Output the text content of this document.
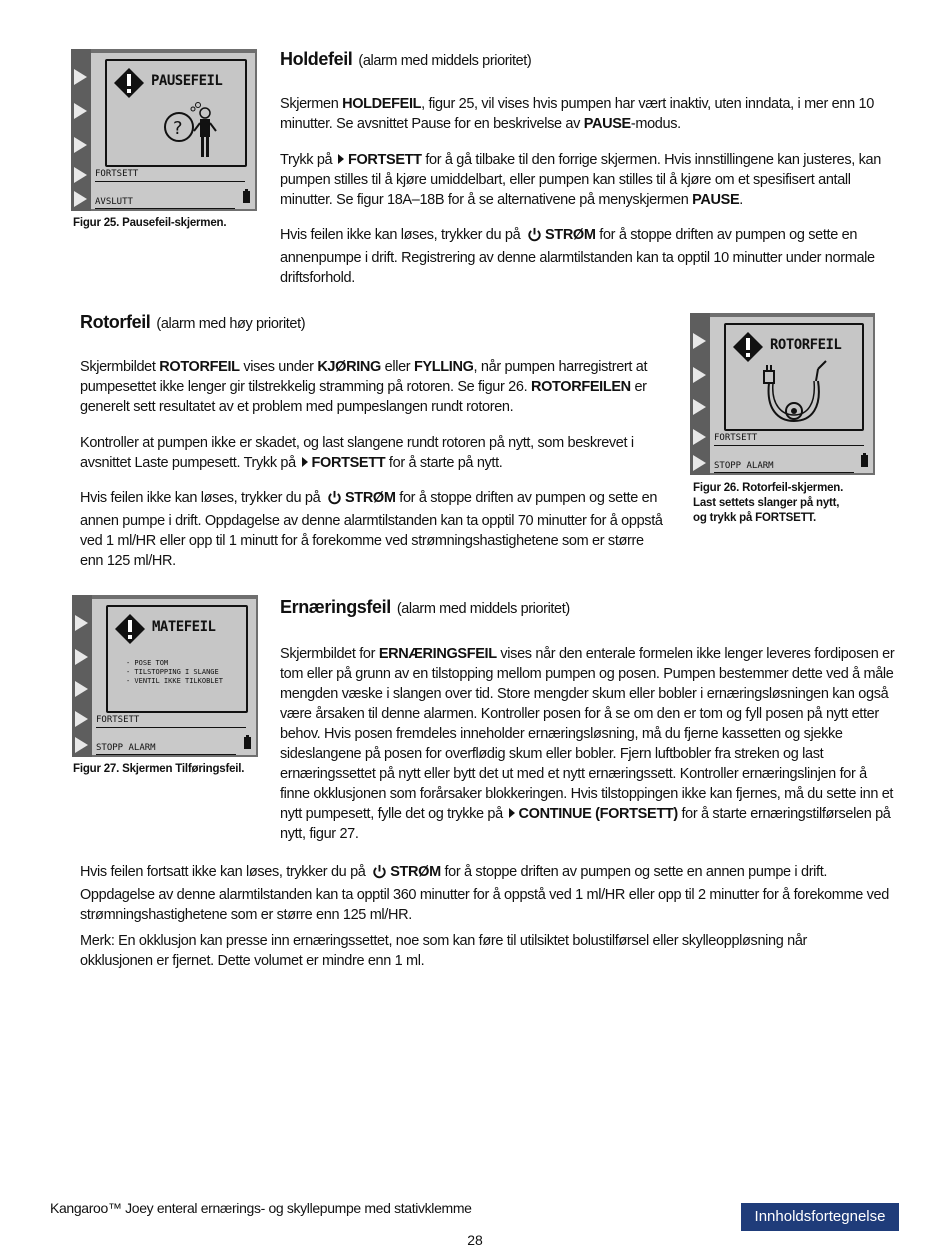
PAUSEFEIL
?
FORTSETT
AVSLUTT
Figur 25. Pausefeil-skjermen.
Holdefeil (alarm med middels prioritet)

Skjermen HOLDEFEIL, figur 25, vil vises hvis pumpen har vært inaktiv, uten inndata, i mer enn 10 minutter. Se avsnittet Pause for en beskrivelse av PAUSE-modus.

Trykk på FORTSETT for å gå tilbake til den forrige skjermen. Hvis innstillingene kan justeres, kan pumpen stilles til å kjøre umiddelbart, eller pumpen kan stilles til å kjøre om et spesifisert antall minutter. Se figur 18A–18B for å se alternativene på menyskjermen PAUSE.

Hvis feilen ikke kan løses, trykker du på STRØM for å stoppe driften av pumpen og sette en annenpumpe i drift. Registrering av denne alarmtilstanden kan ta opptil 10 minutter under normale driftsforhold.

Rotorfeil (alarm med høy prioritet)

Skjermbildet ROTORFEIL vises under KJØRING eller FYLLING, når pumpen harregistrert at pumpesettet ikke lenger gir tilstrekkelig stramming på rotoren. Se figur 26. ROTORFEILEN er generelt sett resultatet av et problem med pumpeslangen rundt rotoren.

Kontroller at pumpen ikke er skadet, og last slangene rundt rotoren på nytt, som beskrevet i avsnittet Laste pumpesett. Trykk på FORTSETT for å starte på nytt.

Hvis feilen ikke kan løses, trykker du på STRØM for å stoppe driften av pumpen og sette en annen pumpe i drift. Oppdagelse av denne alarmtilstanden kan ta opptil 70 minutter for å oppstå ved 1 ml/HR eller opp til 1 minutt for å forekomme ved strømningshastighetene som er større enn 125 ml/HR.

ROTORFEIL
FORTSETT
STOPP ALARM
Figur 26. Rotorfeil-skjermen.
Last settets slanger på nytt,
og trykk på FORTSETT.
MATEFEIL
- POSE TOM
- TILSTOPPING I SLANGE
- VENTIL IKKE TILKOBLET
FORTSETT
STOPP ALARM
Figur 27. Skjermen Tilføringsfeil.
Ernæringsfeil (alarm med middels prioritet)

Skjermbildet for ERNÆRINGSFEIL vises når den enterale formelen ikke lenger leveres fordiposen er tom eller på grunn av en tilstopping mellom pumpen og posen. Pumpen bestemmer dette ved å måle mengden væske i slangen over tid. Store mengder skum eller bobler i ernæringsløsningen kan også være årsaken til denne alarmen. Kontroller posen for å se om den er tom og fyll posen på nytt etter behov. Hvis posen fremdeles inneholder ernæringsløsning, må du fjerne kassetten og sjekke sideslangene på posen for overflødig skum eller bobler. Fjern luftbobler fra streken og last ernæringssettet på nytt eller bytt det ut med et nytt ernæringssett. Kontroller ernæringslinjen for å finne okklusjonen som forårsaker blokkeringen. Hvis tilstoppingen ikke kan fjernes, må du sette inn et nytt pumpesett, fylle det og trykke på CONTINUE (FORTSETT) for å starte ernæringstilførselen på nytt, figur 27.

Hvis feilen fortsatt ikke kan løses, trykker du på STRØM for å stoppe driften av pumpen og sette en annen pumpe i drift. Oppdagelse av denne alarmtilstanden kan ta opptil 360 minutter for å oppstå ved 1 ml/HR eller opp til 2 minutter for å forekomme ved strømningshastighetene som er større enn 125 ml/HR.

Merk: En okklusjon kan presse inn ernæringssettet, noe som kan føre til utilsiktet bolustilførsel eller skylleoppløsning når okklusjonen er fjernet. Dette volumet er mindre enn 1 ml.

Kangaroo™ Joey enteral ernærings- og skyllepumpe med stativklemme
28
Innholdsfortegnelse
